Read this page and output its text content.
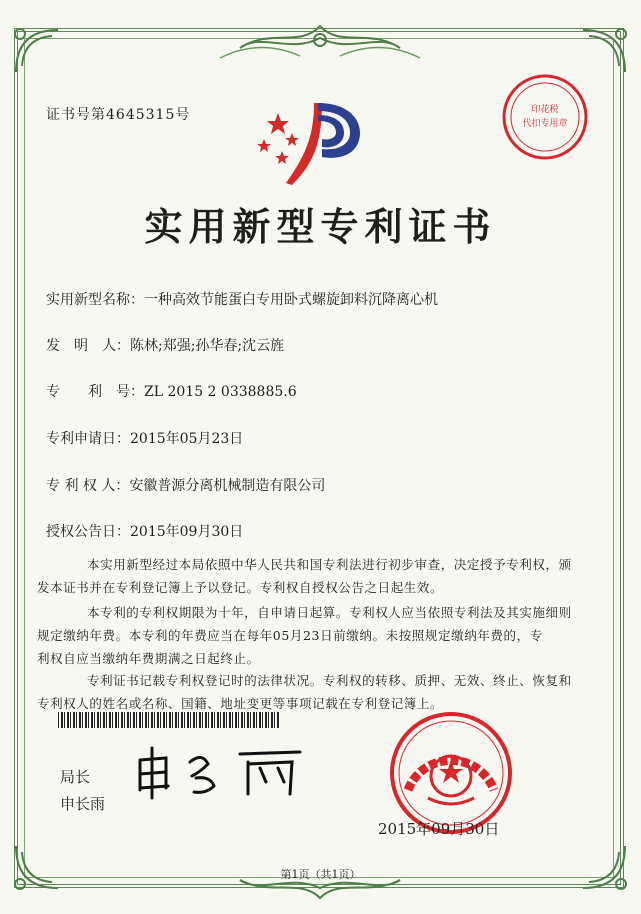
证书号第4645315号	印花税
代扣专用章
实用新型专利证书
实用新型名称：一种高效节能蛋白专用卧式螺旋卸料沉降离心机
发　明　人：陈林;郑强;孙华春;沈云旌
专　　利　号：ZL 2015 2 0338885.6
专利申请日：2015年05月23日
专 利 权 人：安徽普源分离机械制造有限公司
授权公告日：2015年09月30日
本实用新型经过本局依照中华人民共和国专利法进行初步审查，决定授予专利权，颁
发本证书并在专利登记簿上予以登记。专利权自授权公告之日起生效。
本专利的专利权期限为十年，自申请日起算。专利权人应当依照专利法及其实施细则
规定缴纳年费。本专利的年费应当在每年05月23日前缴纳。未按照规定缴纳年费的，专
利权自应当缴纳年费期满之日起终止。
专利证书记载专利权登记时的法律状况。专利权的转移、质押、无效、终止、恢复和
专利权人的姓名或名称、国籍、地址变更等事项记载在专利登记簿上。
局长
申长雨
2015年09月30日
第1页（共1页）
